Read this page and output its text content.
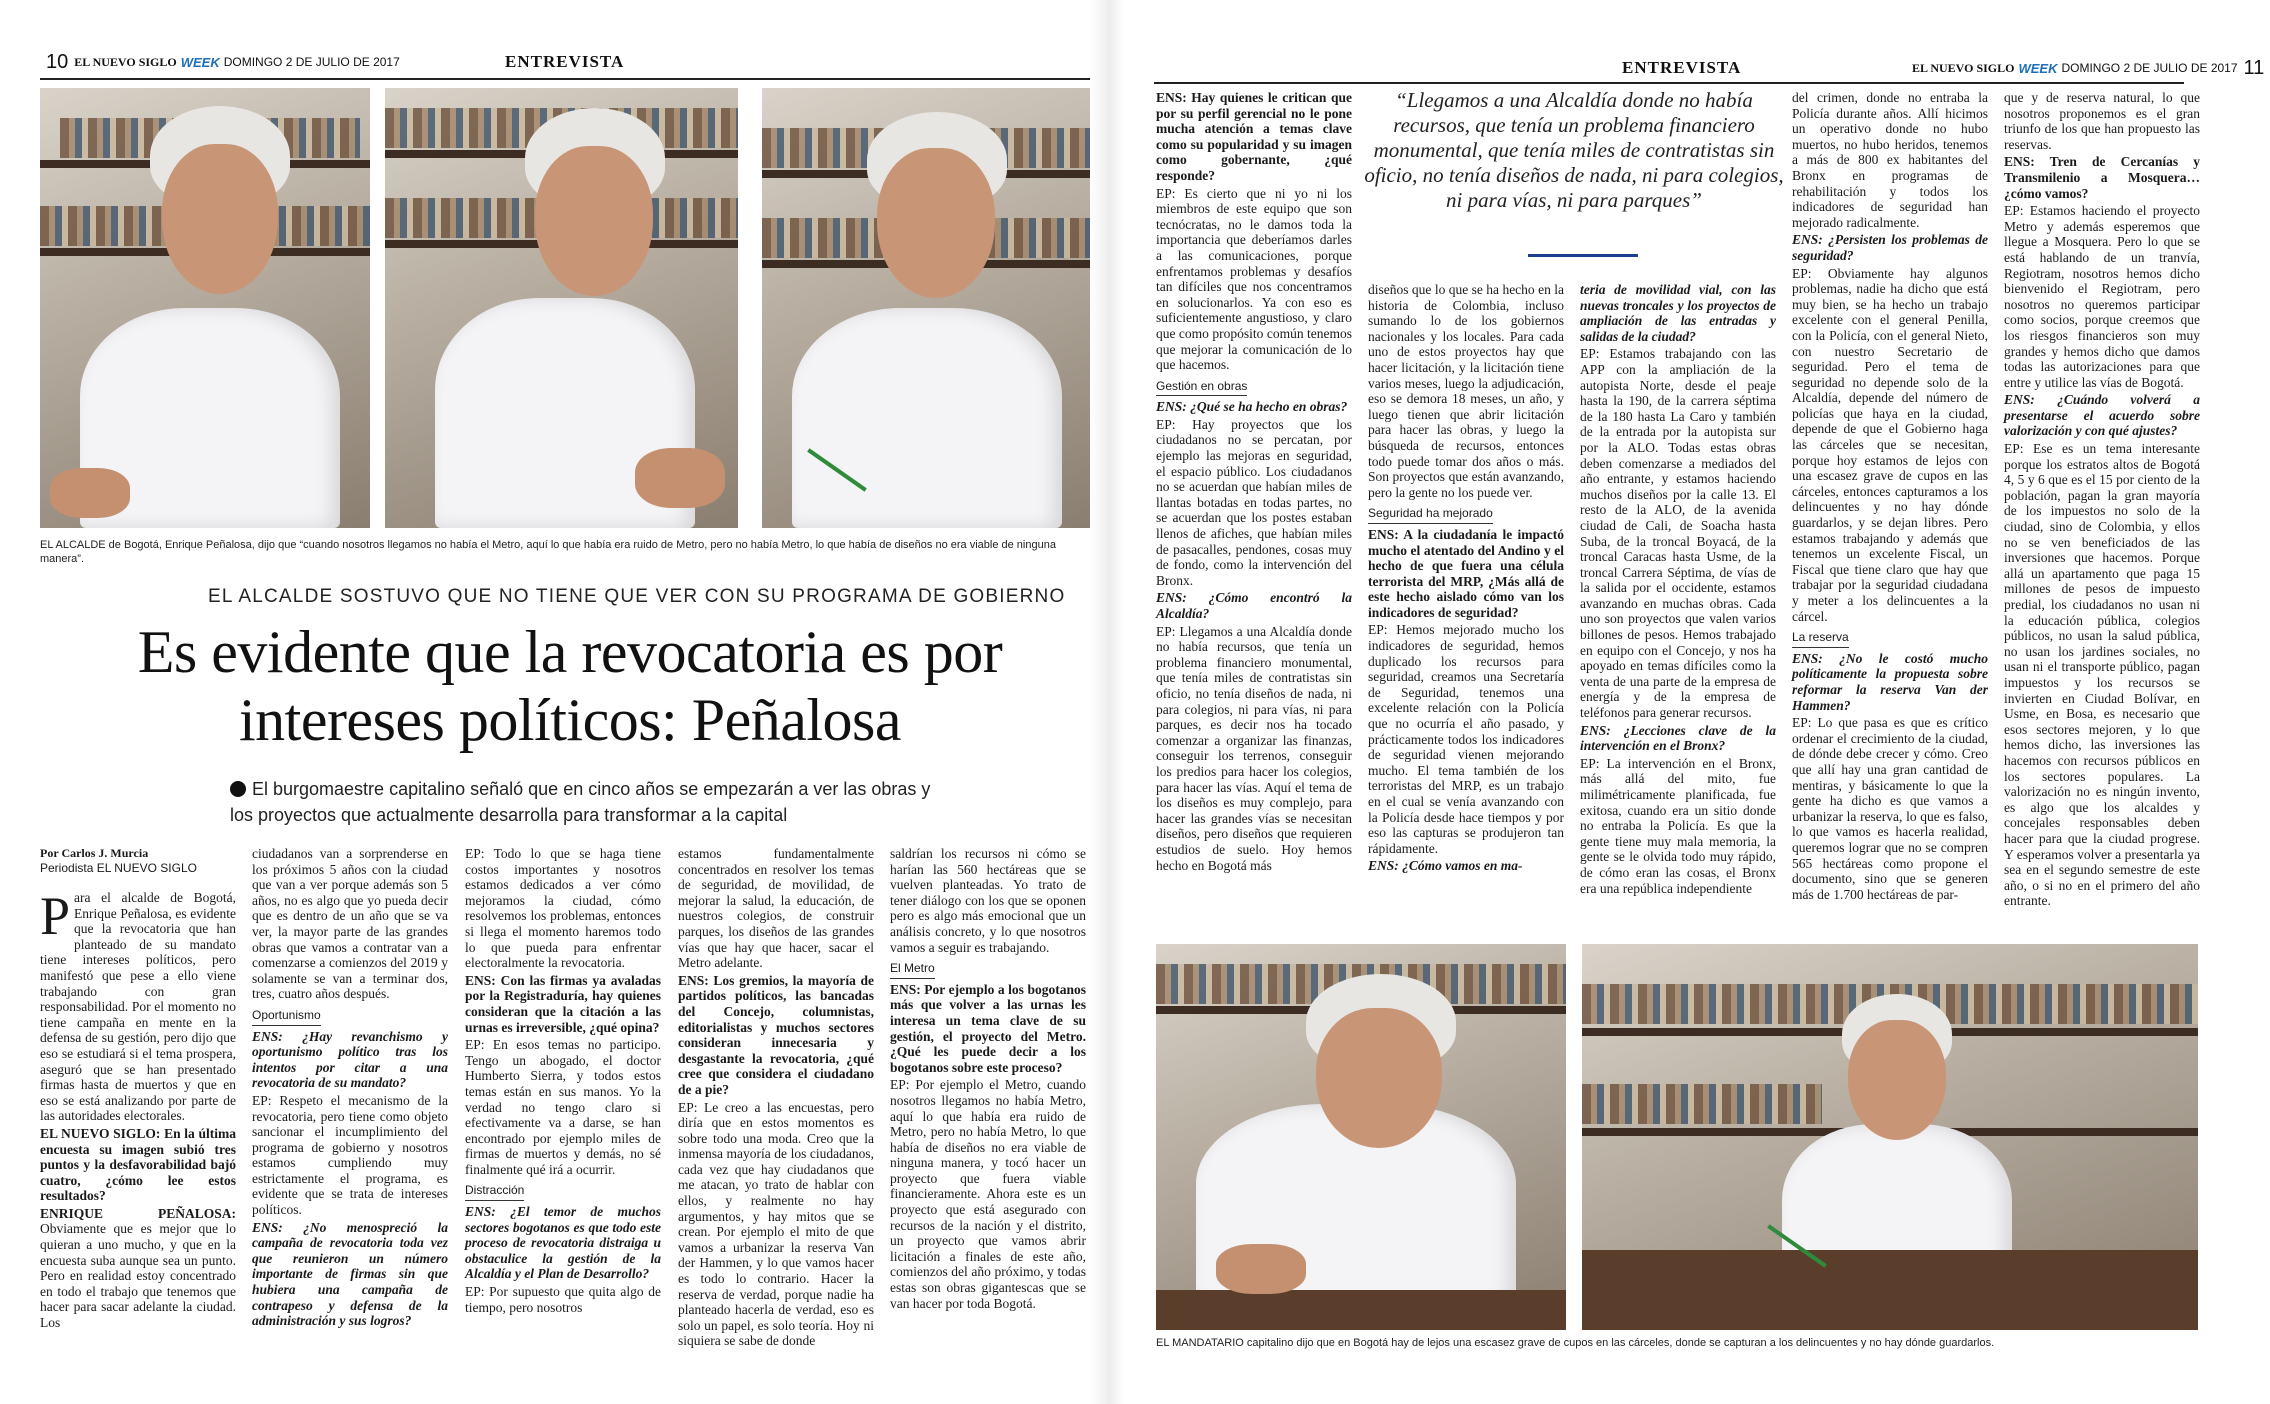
10 EL NUEVO SIGLO WEEK DOMINGO 2 DE JULIO DE 2017	ENTREVISTA
EL ALCALDE de Bogotá, Enrique Peñalosa, dijo que “cuando nosotros llegamos no había el Metro, aquí lo que había era ruido de Metro, pero no había Metro, lo que había de diseños no era viable de ninguna manera”.
EL ALCALDE SOSTUVO QUE NO TIENE QUE VER CON SU PROGRAMA DE GOBIERNO
Es evidente que la revocatoria es por intereses políticos: Peñalosa
El burgomaestre capitalino señaló que en cinco años se empezarán a ver las obras y los proyectos que actualmente desarrolla para transformar a la capital
Por Carlos J. Murcia
Periodista EL NUEVO SIGLO

Para el alcalde de Bogotá, Enrique Peñalosa, es evidente que la revocatoria que han planteado de su mandato tiene intereses políticos, pero manifestó que pese a ello viene trabajando con gran responsabilidad. Por el momento no tiene campaña en mente en la defensa de su gestión, pero dijo que eso se estudiará si el tema prospera, aseguró que se han presentado firmas hasta de muertos y que en eso se está analizando por parte de las autoridades electorales.

EL NUEVO SIGLO: En la última encuesta su imagen subió tres puntos y la desfavorabilidad bajó cuatro, ¿cómo lee estos resultados?

ENRIQUE PEÑALOSA: Obviamente que es mejor que lo quieran a uno mucho, y que en la encuesta suba aunque sea un punto. Pero en realidad estoy concentrado en todo el trabajo que tenemos que hacer para sacar adelante la ciudad. Los

ciudadanos van a sorprenderse en los próximos 5 años con la ciudad que van a ver porque además son 5 años, no es algo que yo pueda decir que es dentro de un año que se va ver, la mayor parte de las grandes obras que vamos a contratar van a comenzarse a comienzos del 2019 y solamente se van a terminar dos, tres, cuatro años después.

Oportunismo

ENS: ¿Hay revanchismo y oportunismo político tras los intentos por citar a una revocatoria de su mandato?

EP: Respeto el mecanismo de la revocatoria, pero tiene como objeto sancionar el incumplimiento del programa de gobierno y nosotros estamos cumpliendo muy estrictamente el programa, es evidente que se trata de intereses políticos.

ENS: ¿No menospreció la campaña de revocatoria toda vez que reunieron un número importante de firmas sin que hubiera una campaña de contrapeso y defensa de la administración y sus logros?

EP: Todo lo que se haga tiene costos importantes y nosotros estamos dedicados a ver cómo mejoramos la ciudad, cómo resolvemos los problemas, entonces si llega el momento haremos todo lo que pueda para enfrentar electoralmente la revocatoria.

ENS: Con las firmas ya avaladas por la Registraduría, hay quienes consideran que la citación a las urnas es irreversible, ¿qué opina?

EP: En esos temas no participo. Tengo un abogado, el doctor Humberto Sierra, y todos estos temas están en sus manos. Yo la verdad no tengo claro si efectivamente va a darse, se han encontrado por ejemplo miles de firmas de muertos y demás, no sé finalmente qué irá a ocurrir.

Distracción

ENS: ¿El temor de muchos sectores bogotanos es que todo este proceso de revocatoria distraiga u obstaculice la gestión de la Alcaldía y el Plan de Desarrollo?

EP: Por supuesto que quita algo de tiempo, pero nosotros

estamos fundamentalmente concentrados en resolver los temas de seguridad, de movilidad, de mejorar la salud, la educación, de nuestros colegios, de construir parques, los diseños de las grandes vías que hay que hacer, sacar el Metro adelante.

ENS: Los gremios, la mayoría de partidos políticos, las bancadas del Concejo, columnistas, editorialistas y muchos sectores consideran innecesaria y desgastante la revocatoria, ¿qué cree que considera el ciudadano de a pie?

EP: Le creo a las encuestas, pero diría que en estos momentos es sobre todo una moda. Creo que la inmensa mayoría de los ciudadanos, cada vez que hay ciudadanos que me atacan, yo trato de hablar con ellos, y realmente no hay argumentos, y hay mitos que se crean. Por ejemplo el mito de que vamos a urbanizar la reserva Van der Hammen, y lo que vamos hacer es todo lo contrario. Hacer la reserva de verdad, porque nadie ha planteado hacerla de verdad, eso es solo un papel, es solo teoría. Hoy ni siquiera se sabe de donde

saldrían los recursos ni cómo se harían las 560 hectáreas que se vuelven planteadas. Yo trato de tener diálogo con los que se oponen pero es algo más emocional que un análisis concreto, y lo que nosotros vamos a seguir es trabajando.

El Metro

ENS: Por ejemplo a los bogotanos más que volver a las urnas les interesa un tema clave de su gestión, el proyecto del Metro. ¿Qué les puede decir a los bogotanos sobre este proceso?

EP: Por ejemplo el Metro, cuando nosotros llegamos no había Metro, aquí lo que había era ruido de Metro, pero no había Metro, lo que había de diseños no era viable de ninguna manera, y tocó hacer un proyecto que fuera viable financieramente. Ahora este es un proyecto que está asegurado con recursos de la nación y el distrito, un proyecto que vamos abrir licitación a finales de este año, comienzos del año próximo, y todas estas son obras gigantescas que se van hacer por toda Bogotá.

ENTREVISTA	EL NUEVO SIGLO WEEK DOMINGO 2 DE JULIO DE 2017 11
“Llegamos a una Alcaldía donde no había recursos, que tenía un problema financiero monumental, que tenía miles de contratistas sin oficio, no tenía diseños de nada, ni para colegios, ni para vías, ni para parques”

ENS: Hay quienes le critican que por su perfil gerencial no le pone mucha atención a temas clave como su popularidad y su imagen como gobernante, ¿qué responde?

EP: Es cierto que ni yo ni los miembros de este equipo que son tecnócratas, no le damos toda la importancia que deberíamos darles a las comunicaciones, porque enfrentamos problemas y desafíos tan difíciles que nos concentramos en solucionarlos. Ya con eso es suficientemente angustioso, y claro que como propósito común tenemos que mejorar la comunicación de lo que hacemos.

Gestión en obras

ENS: ¿Qué se ha hecho en obras?

EP: Hay proyectos que los ciudadanos no se percatan, por ejemplo las mejoras en seguridad, el espacio público. Los ciudadanos no se acuerdan que habían miles de llantas botadas en todas partes, no se acuerdan que los postes estaban llenos de afiches, que habían miles de pasacalles, pendones, cosas muy de fondo, como la intervención del Bronx.

ENS: ¿Cómo encontró la Alcaldía?

EP: Llegamos a una Alcaldía donde no había recursos, que tenía un problema financiero monumental, que tenía miles de contratistas sin oficio, no tenía diseños de nada, ni para colegios, ni para vías, ni para parques, es decir nos ha tocado comenzar a organizar las finanzas, conseguir los terrenos, conseguir los predios para hacer los colegios, para hacer las vías. Aquí el tema de los diseños es muy complejo, para hacer las grandes vías se necesitan diseños, pero diseños que requieren estudios de suelo. Hoy hemos hecho en Bogotá más

diseños que lo que se ha hecho en la historia de Colombia, incluso sumando lo de los gobiernos nacionales y los locales. Para cada uno de estos proyectos hay que hacer licitación, y la licitación tiene varios meses, luego la adjudicación, eso se demora 18 meses, un año, y luego tienen que abrir licitación para hacer las obras, y luego la búsqueda de recursos, entonces todo puede tomar dos años o más. Son proyectos que están avanzando, pero la gente no los puede ver.

Seguridad ha mejorado

ENS: A la ciudadanía le impactó mucho el atentado del Andino y el hecho de que fuera una célula terrorista del MRP, ¿Más allá de este hecho aislado cómo van los indicadores de seguridad?

EP: Hemos mejorado mucho los indicadores de seguridad, hemos duplicado los recursos para seguridad, creamos una Secretaría de Seguridad, tenemos una excelente relación con la Policía que no ocurría el año pasado, y prácticamente todos los indicadores de seguridad vienen mejorando mucho. El tema también de los terroristas del MRP, es un trabajo en el cual se venía avanzando con la Policía desde hace tiempos y por eso las capturas se produjeron tan rápidamente.

ENS: ¿Cómo vamos en ma-

teria de movilidad vial, con las nuevas troncales y los proyectos de ampliación de las entradas y salidas de la ciudad?

EP: Estamos trabajando con las APP con la ampliación de la autopista Norte, desde el peaje hasta la 190, de la carrera séptima de la 180 hasta La Caro y también de la entrada por la autopista sur por la ALO. Todas estas obras deben comenzarse a mediados del año entrante, y estamos haciendo muchos diseños por la calle 13. El resto de la ALO, de la avenida ciudad de Cali, de Soacha hasta Suba, de la troncal Boyacá, de la troncal Caracas hasta Usme, de la troncal Carrera Séptima, de vías de la salida por el occidente, estamos avanzando en muchas obras. Cada uno son proyectos que valen varios billones de pesos. Hemos trabajado en equipo con el Concejo, y nos ha apoyado en temas difíciles como la venta de una parte de la empresa de energía y de la empresa de teléfonos para generar recursos.

ENS: ¿Lecciones clave de la intervención en el Bronx?

EP: La intervención en el Bronx, más allá del mito, fue milimétricamente planificada, fue exitosa, cuando era un sitio donde no entraba la Policía. Es que la gente tiene muy mala memoria, la gente se le olvida todo muy rápido, de cómo eran las cosas, el Bronx era una república independiente

del crimen, donde no entraba la Policía durante años. Allí hicimos un operativo donde no hubo muertos, no hubo heridos, tenemos a más de 800 ex habitantes del Bronx en programas de rehabilitación y todos los indicadores de seguridad han mejorado radicalmente.

ENS: ¿Persisten los problemas de seguridad?

EP: Obviamente hay algunos problemas, nadie ha dicho que está muy bien, se ha hecho un trabajo excelente con el general Penilla, con la Policía, con el general Nieto, con nuestro Secretario de seguridad. Pero el tema de seguridad no depende solo de la Alcaldía, depende del número de policías que haya en la ciudad, depende de que el Gobierno haga las cárceles que se necesitan, porque hoy estamos de lejos con una escasez grave de cupos en las cárceles, entonces capturamos a los delincuentes y no hay dónde guardarlos, y se dejan libres. Pero estamos trabajando y además que tenemos un excelente Fiscal, un Fiscal que tiene claro que hay que trabajar por la seguridad ciudadana y meter a los delincuentes a la cárcel.

La reserva

ENS: ¿No le costó mucho políticamente la propuesta sobre reformar la reserva Van der Hammen?

EP: Lo que pasa es que es crítico ordenar el crecimiento de la ciudad, de dónde debe crecer y cómo. Creo que allí hay una gran cantidad de mentiras, y básicamente lo que la gente ha dicho es que vamos a urbanizar la reserva, lo que es falso, lo que vamos es hacerla realidad, queremos lograr que no se compren 565 hectáreas como propone el documento, sino que se generen más de 1.700 hectáreas de par-

que y de reserva natural, lo que nosotros proponemos es el gran triunfo de los que han propuesto las reservas.

ENS: Tren de Cercanías y Transmilenio a Mosquera… ¿cómo vamos?

EP: Estamos haciendo el proyecto Metro y además esperemos que llegue a Mosquera. Pero lo que se está hablando de un tranvía, Regiotram, nosotros hemos dicho bienvenido el Regiotram, pero nosotros no queremos participar como socios, porque creemos que los riesgos financieros son muy grandes y hemos dicho que damos todas las autorizaciones para que entre y utilice las vías de Bogotá.

ENS: ¿Cuándo volverá a presentarse el acuerdo sobre valorización y con qué ajustes?

EP: Ese es un tema interesante porque los estratos altos de Bogotá 4, 5 y 6 que es el 15 por ciento de la población, pagan la gran mayoría de los impuestos no solo de la ciudad, sino de Colombia, y ellos no se ven beneficiados de las inversiones que hacemos. Porque allá un apartamento que paga 15 millones de pesos de impuesto predial, los ciudadanos no usan ni la educación pública, colegios públicos, no usan la salud pública, no usan los jardines sociales, no usan ni el transporte público, pagan impuestos y los recursos se invierten en Ciudad Bolívar, en Usme, en Bosa, es necesario que esos sectores mejoren, y lo que hemos dicho, las inversiones las hacemos con recursos públicos en los sectores populares. La valorización no es ningún invento, es algo que los alcaldes y concejales responsables deben hacer para que la ciudad progrese. Y esperamos volver a presentarla ya sea en el segundo semestre de este año, o si no en el primero del año entrante.

EL MANDATARIO capitalino dijo que en Bogotá hay de lejos una escasez grave de cupos en las cárceles, donde se capturan a los delincuentes y no hay dónde guardarlos.
